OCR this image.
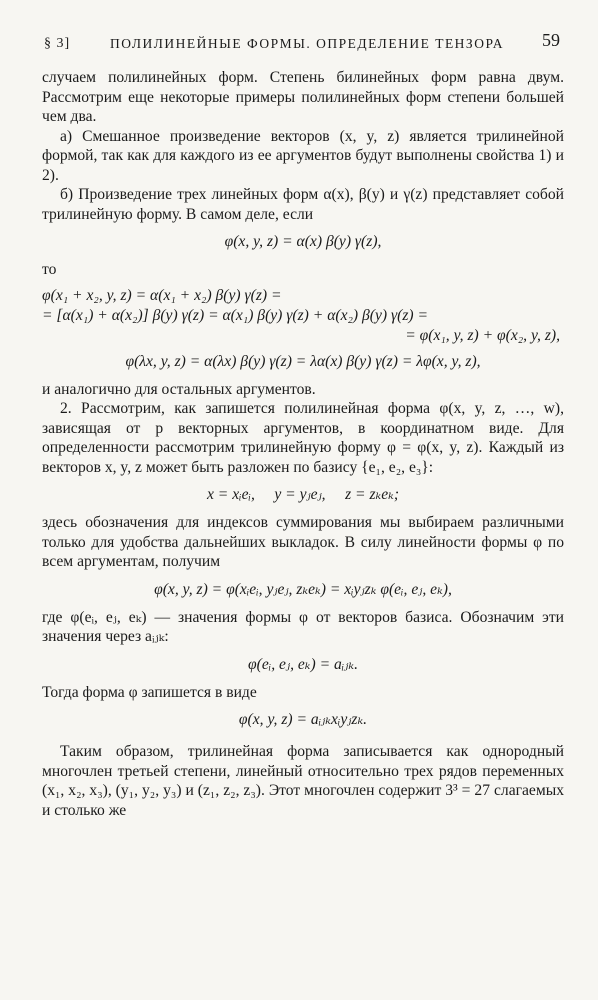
§ 3]	ПОЛИЛИНЕЙНЫЕ ФОРМЫ. ОПРЕДЕЛЕНИЕ ТЕНЗОРА 59

случаем полилинейных форм. Степень билинейных форм равна двум. Рассмотрим еще некоторые примеры полилинейных форм степени большей чем два.

а) Смешанное произведение векторов (x, y, z) является трилинейной формой, так как для каждого из ее аргументов будут выполнены свойства 1) и 2).

б) Произведение трех линейных форм α(x), β(y) и γ(z) представляет собой трилинейную форму. В самом деле, если

φ(x, y, z) = α(x) β(y) γ(z),
то
φ(x₁ + x₂, y, z) = α(x₁ + x₂) β(y) γ(z) =
= [α(x₁) + α(x₂)] β(y) γ(z) = α(x₁) β(y) γ(z) + α(x₂) β(y) γ(z) =
= φ(x₁, y, z) + φ(x₂, y, z),
φ(λx, y, z) = α(λx) β(y) γ(z) = λα(x) β(y) γ(z) = λφ(x, y, z),

и аналогично для остальных аргументов.

2. Рассмотрим, как запишется полилинейная форма φ(x, y, z, …, w), зависящая от p векторных аргументов, в координатном виде. Для определенности рассмотрим трилинейную форму φ = φ(x, y, z). Каждый из векторов x, y, z может быть разложен по базису {e₁, e₂, e₃}:

x = xᵢeᵢ,     y = yⱼeⱼ,     z = zₖeₖ;

здесь обозначения для индексов суммирования мы выбираем различными только для удобства дальнейших выкладок. В силу линейности формы φ по всем аргументам, получим

φ(x, y, z) = φ(xᵢeᵢ, yⱼeⱼ, zₖeₖ) = xᵢyⱼzₖ φ(eᵢ, eⱼ, eₖ),

где φ(eᵢ, eⱼ, eₖ) — значения формы φ от векторов базиса. Обозначим эти значения через aᵢⱼₖ:

φ(eᵢ, eⱼ, eₖ) = aᵢⱼₖ.

Тогда форма φ запишется в виде

φ(x, y, z) = aᵢⱼₖxᵢyⱼzₖ.

Таким образом, трилинейная форма записывается как однородный многочлен третьей степени, линейный относительно трех рядов переменных (x₁, x₂, x₃), (y₁, y₂, y₃) и (z₁, z₂, z₃). Этот многочлен содержит 3³ = 27 слагаемых и столько же
